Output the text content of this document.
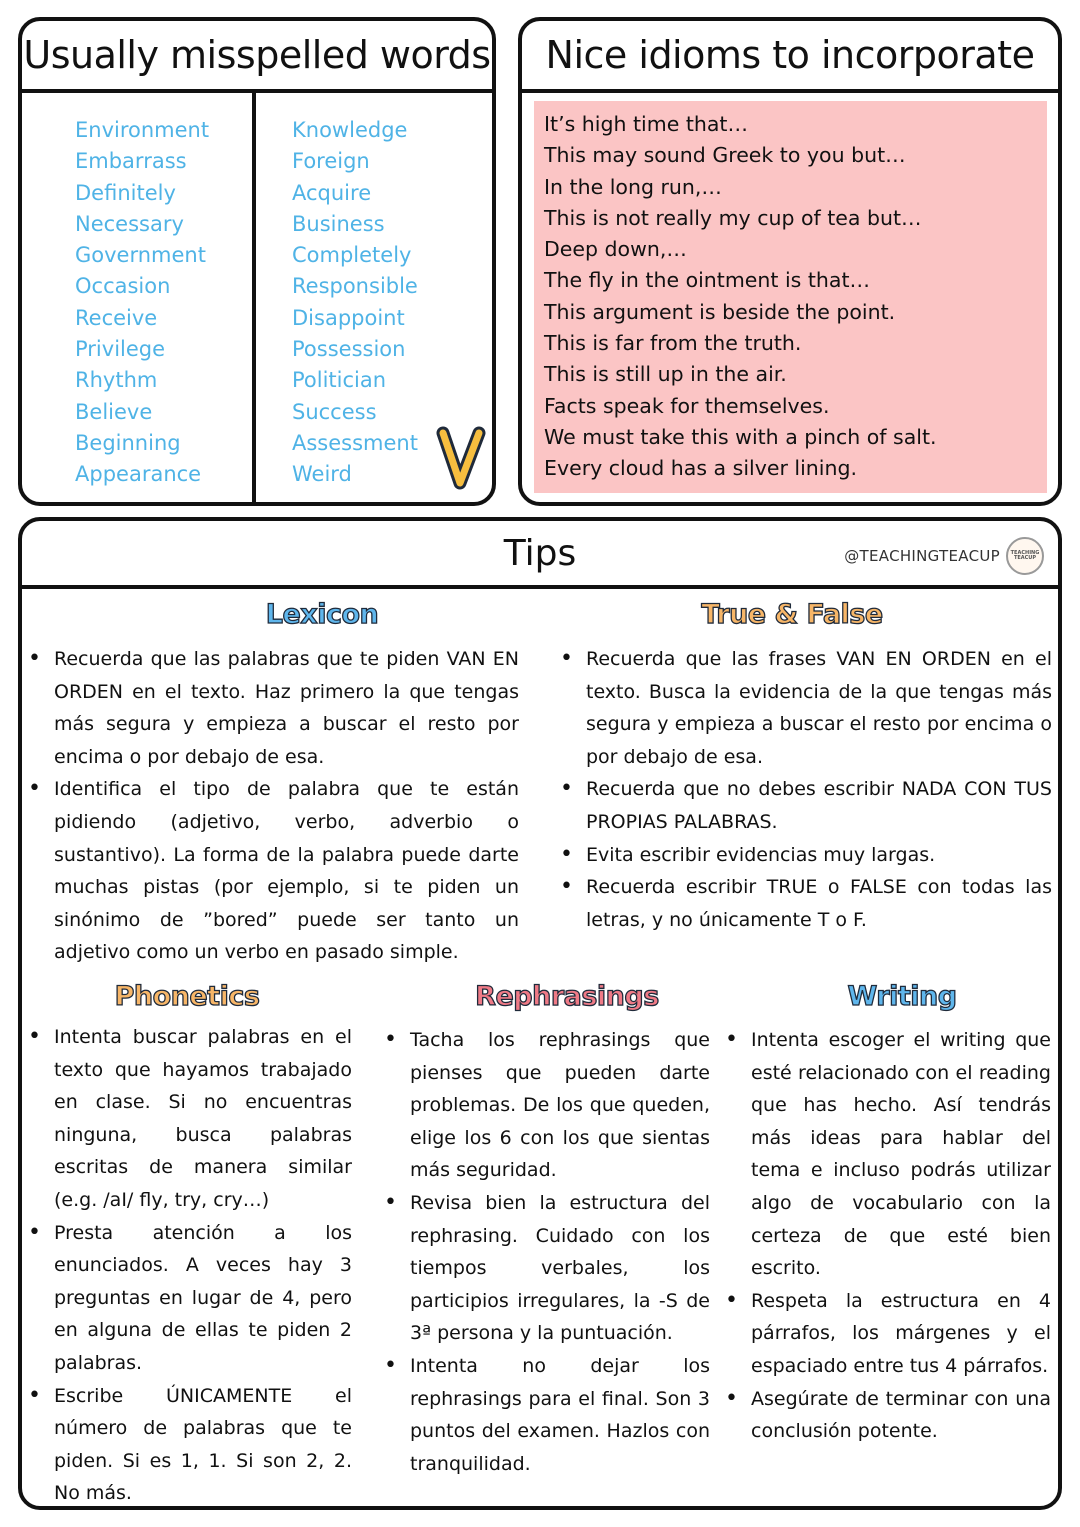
Usually misspelled words
Environment
Embarrass
Definitely
Necessary
Government
Occasion
Receive
Privilege
Rhythm
Believe
Beginning
Appearance
Knowledge
Foreign
Acquire
Business
Completely
Responsible
Disappoint
Possession
Politician
Success
Assessment
Weird
Nice idioms to incorporate
It’s high time that…
This may sound Greek to you but…
In the long run,…
This is not really my cup of tea but…
Deep down,…
The fly in the ointment is that…
This argument is beside the point.
This is far from the truth.
This is still up in the air.
Facts speak for themselves.
We must take this with a pinch of salt.
Every cloud has a silver lining.
Tips	@TEACHINGTEACUP TEACHING
TEACUP
Lexicon	True & False
• Recuerda que las palabras que te piden VAN EN ORDEN en el texto. Haz primero la que tengas más segura y empieza a buscar el resto por encima o por debajo de esa.
• Identifica el tipo de palabra que te están pidiendo (adjetivo, verbo, adverbio o sustantivo). La forma de la palabra puede darte muchas pistas (por ejemplo, si te piden un sinónimo de ”bored” puede ser tanto un adjetivo como un verbo en pasado simple.
• Recuerda que las frases VAN EN ORDEN en el texto. Busca la evidencia de la que tengas más segura y empieza a buscar el resto por encima o por debajo de esa.
• Recuerda que no debes escribir NADA CON TUS PROPIAS PALABRAS.
• Evita escribir evidencias muy largas.
• Recuerda escribir TRUE o FALSE con todas las letras, y no únicamente T o F.
Phonetics	Rephrasings	Writing
• Intenta buscar palabras en el texto que hayamos trabajado en clase. Si no encuentras ninguna, busca palabras escritas de manera similar (e.g. /aI/ fly, try, cry…)
• Presta atención a los enunciados. A veces hay 3 preguntas en lugar de 4, pero en alguna de ellas te piden 2 palabras.
• Escribe ÚNICAMENTE el número de palabras que te piden. Si es 1, 1. Si son 2, 2. No más.
• Tacha los rephrasings que pienses que pueden darte problemas. De los que queden, elige los 6 con los que sientas más seguridad.
• Revisa bien la estructura del rephrasing. Cuidado con los tiempos verbales, los participios irregulares, la -S de 3ª persona y la puntuación.
• Intenta no dejar los rephrasings para el final. Son 3 puntos del examen. Hazlos con tranquilidad.
• Intenta escoger el writing que esté relacionado con el reading que has hecho. Así tendrás más ideas para hablar del tema e incluso podrás utilizar algo de vocabulario con la certeza de que esté bien escrito.
• Respeta la estructura en 4 párrafos, los márgenes y el espaciado entre tus 4 párrafos.
• Asegúrate de terminar con una conclusión potente.
